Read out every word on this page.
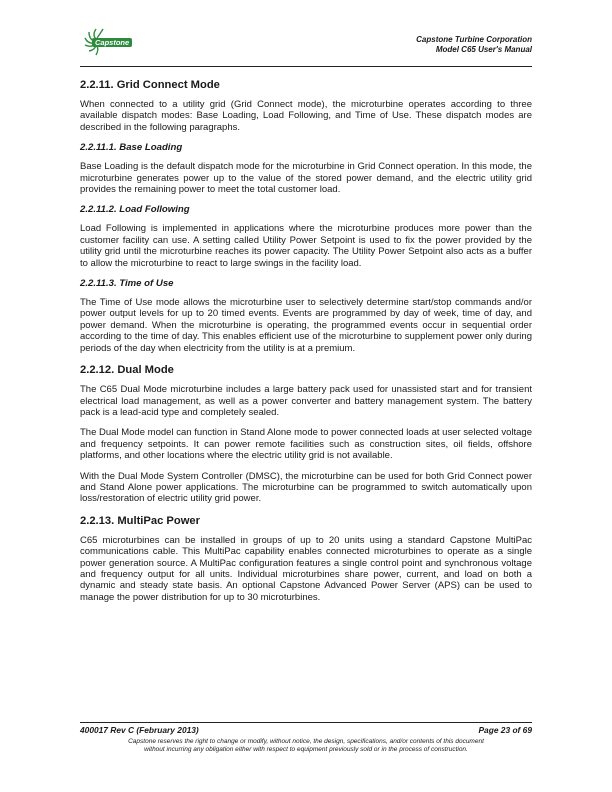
Capstone	Capstone Turbine Corporation
Model C65 User's Manual
2.2.11. Grid Connect Mode

When connected to a utility grid (Grid Connect mode), the microturbine operates according to three available dispatch modes: Base Loading, Load Following, and Time of Use. These dispatch modes are described in the following paragraphs.

2.2.11.1. Base Loading

Base Loading is the default dispatch mode for the microturbine in Grid Connect operation. In this mode, the microturbine generates power up to the value of the stored power demand, and the electric utility grid provides the remaining power to meet the total customer load.

2.2.11.2. Load Following

Load Following is implemented in applications where the microturbine produces more power than the customer facility can use. A setting called Utility Power Setpoint is used to fix the power provided by the utility grid until the microturbine reaches its power capacity. The Utility Power Setpoint also acts as a buffer to allow the microturbine to react to large swings in the facility load.

2.2.11.3. Time of Use

The Time of Use mode allows the microturbine user to selectively determine start/stop commands and/or power output levels for up to 20 timed events. Events are programmed by day of week, time of day, and power demand. When the microturbine is operating, the programmed events occur in sequential order according to the time of day. This enables efficient use of the microturbine to supplement power only during periods of the day when electricity from the utility is at a premium.

2.2.12. Dual Mode

The C65 Dual Mode microturbine includes a large battery pack used for unassisted start and for transient electrical load management, as well as a power converter and battery management system. The battery pack is a lead-acid type and completely sealed.

The Dual Mode model can function in Stand Alone mode to power connected loads at user selected voltage and frequency setpoints. It can power remote facilities such as construction sites, oil fields, offshore platforms, and other locations where the electric utility grid is not available.

With the Dual Mode System Controller (DMSC), the microturbine can be used for both Grid Connect power and Stand Alone power applications. The microturbine can be programmed to switch automatically upon loss/restoration of electric utility grid power.

2.2.13. MultiPac Power

C65 microturbines can be installed in groups of up to 20 units using a standard Capstone MultiPac communications cable. This MultiPac capability enables connected microturbines to operate as a single power generation source. A MultiPac configuration features a single control point and synchronous voltage and frequency output for all units. Individual microturbines share power, current, and load on both a dynamic and steady state basis. An optional Capstone Advanced Power Server (APS) can be used to manage the power distribution for up to 30 microturbines.

400017 Rev C (February 2013)	Page 23 of 69
Capstone reserves the right to change or modify, without notice, the design, specifications, and/or contents of this document
without incurring any obligation either with respect to equipment previously sold or in the process of construction.
